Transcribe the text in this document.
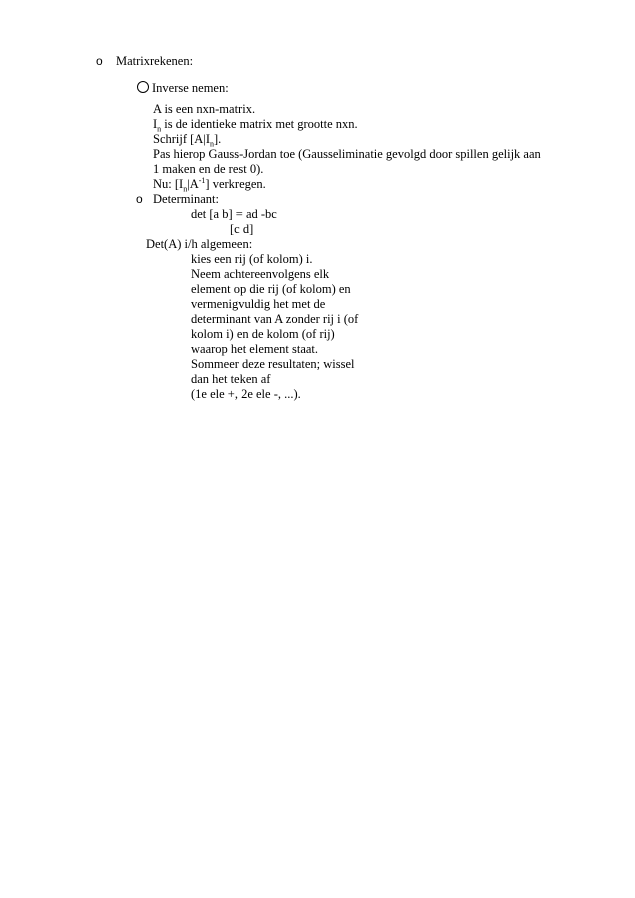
o Matrixrekenen:
Inverse nemen:
A is een nxn-matrix.
$I_n$ is de identieke matrix met grootte nxn.
Schrijf $[A|I_n]$.
Pas hierop Gauss-Jordan toe (Gausseliminatie gevolgd door spillen gelijk aan
1 maken en de rest 0).
Nu: $[I_n|A^{-1}]$ verkregen.
o Determinant:
det [a b] = ad -bc
[c d]
Det(A) i/h algemeen:
kies een rij (of kolom) i.
Neem achtereenvolgens elk
element op die rij (of kolom) en
vermenigvuldig het met de
determinant van A zonder rij i (of
kolom i) en de kolom (of rij)
waarop het element staat.
Sommeer deze resultaten; wissel
dan het teken af
(1e ele +, 2e ele -, ...).
